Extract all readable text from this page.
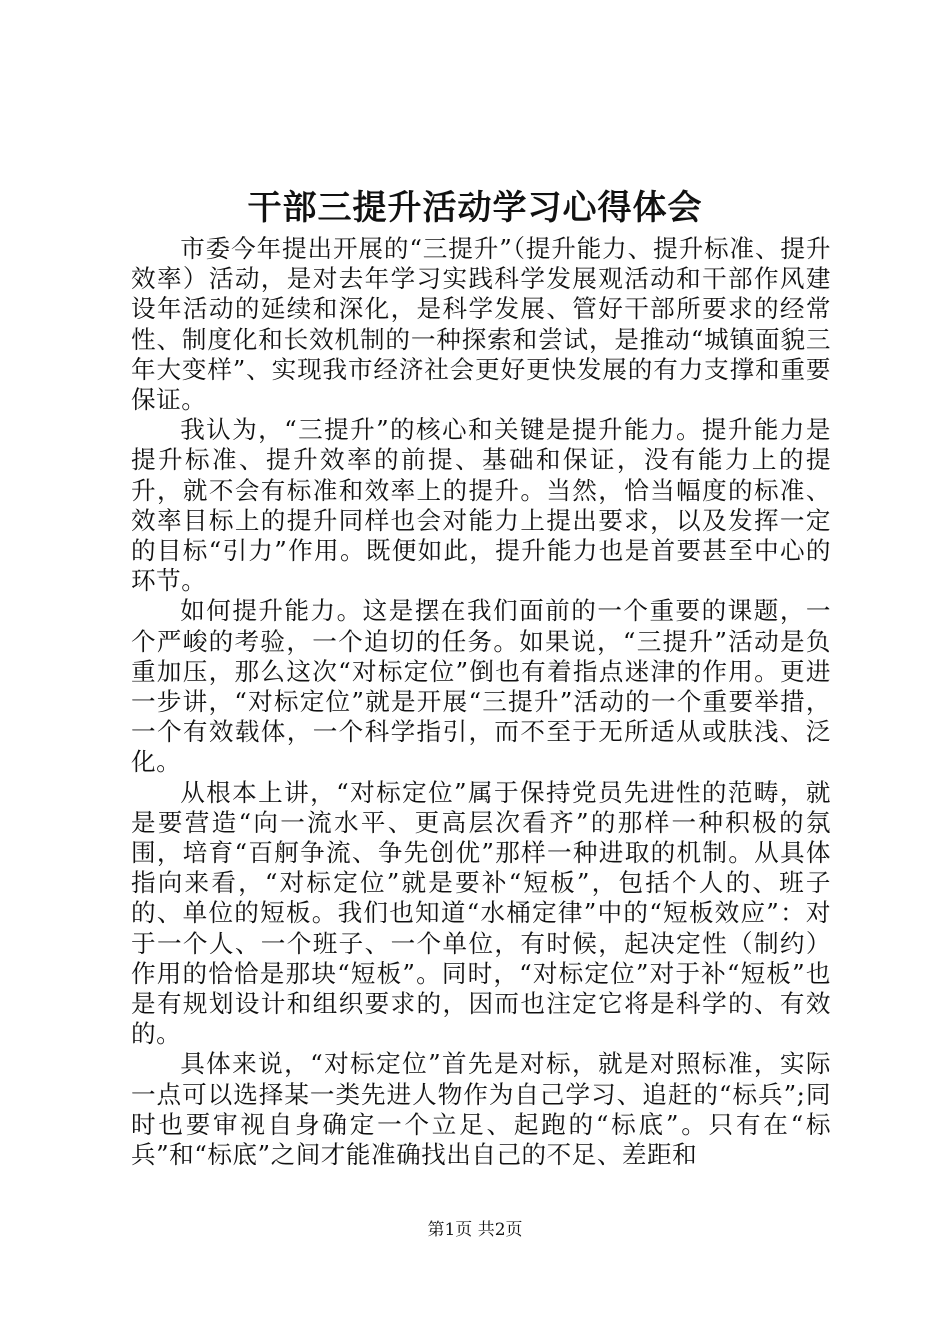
干部三提升活动学习心得体会

市委今年提出开展的“三提升”（提升能力、提升标准、提升效率）活动，是对去年学习实践科学发展观活动和干部作风建设年活动的延续和深化，是科学发展、管好干部所要求的经常性、制度化和长效机制的一种探索和尝试，是推动“城镇面貌三年大变样”、实现我市经济社会更好更快发展的有力支撑和重要保证。

我认为，“三提升”的核心和关键是提升能力。提升能力是提升标准、提升效率的前提、基础和保证，没有能力上的提升，就不会有标准和效率上的提升。当然，恰当幅度的标准、效率目标上的提升同样也会对能力上提出要求，以及发挥一定的目标“引力”作用。既便如此，提升能力也是首要甚至中心的环节。

如何提升能力。这是摆在我们面前的一个重要的课题，一个严峻的考验，一个迫切的任务。如果说，“三提升”活动是负重加压，那么这次“对标定位”倒也有着指点迷津的作用。更进一步讲，“对标定位”就是开展“三提升”活动的一个重要举措，一个有效载体，一个科学指引，而不至于无所适从或肤浅、泛化。

从根本上讲，“对标定位”属于保持党员先进性的范畴，就是要营造“向一流水平、更高层次看齐”的那样一种积极的氛围，培育“百舸争流、争先创优”那样一种进取的机制。从具体指向来看，“对标定位”就是要补“短板”，包括个人的、班子的、单位的短板。我们也知道“水桶定律”中的“短板效应”：对于一个人、一个班子、一个单位，有时候，起决定性（制约）作用的恰恰是那块“短板”。同时，“对标定位”对于补“短板”也是有规划设计和组织要求的，因而也注定它将是科学的、有效的。

具体来说，“对标定位”首先是对标，就是对照标准，实际一点可以选择某一类先进人物作为自己学习、追赶的“标兵”;同时也要审视自身确定一个立足、起跑的“标底”。只有在“标兵”和“标底”之间才能准确找出自己的不足、差距和

第1页 共2页
